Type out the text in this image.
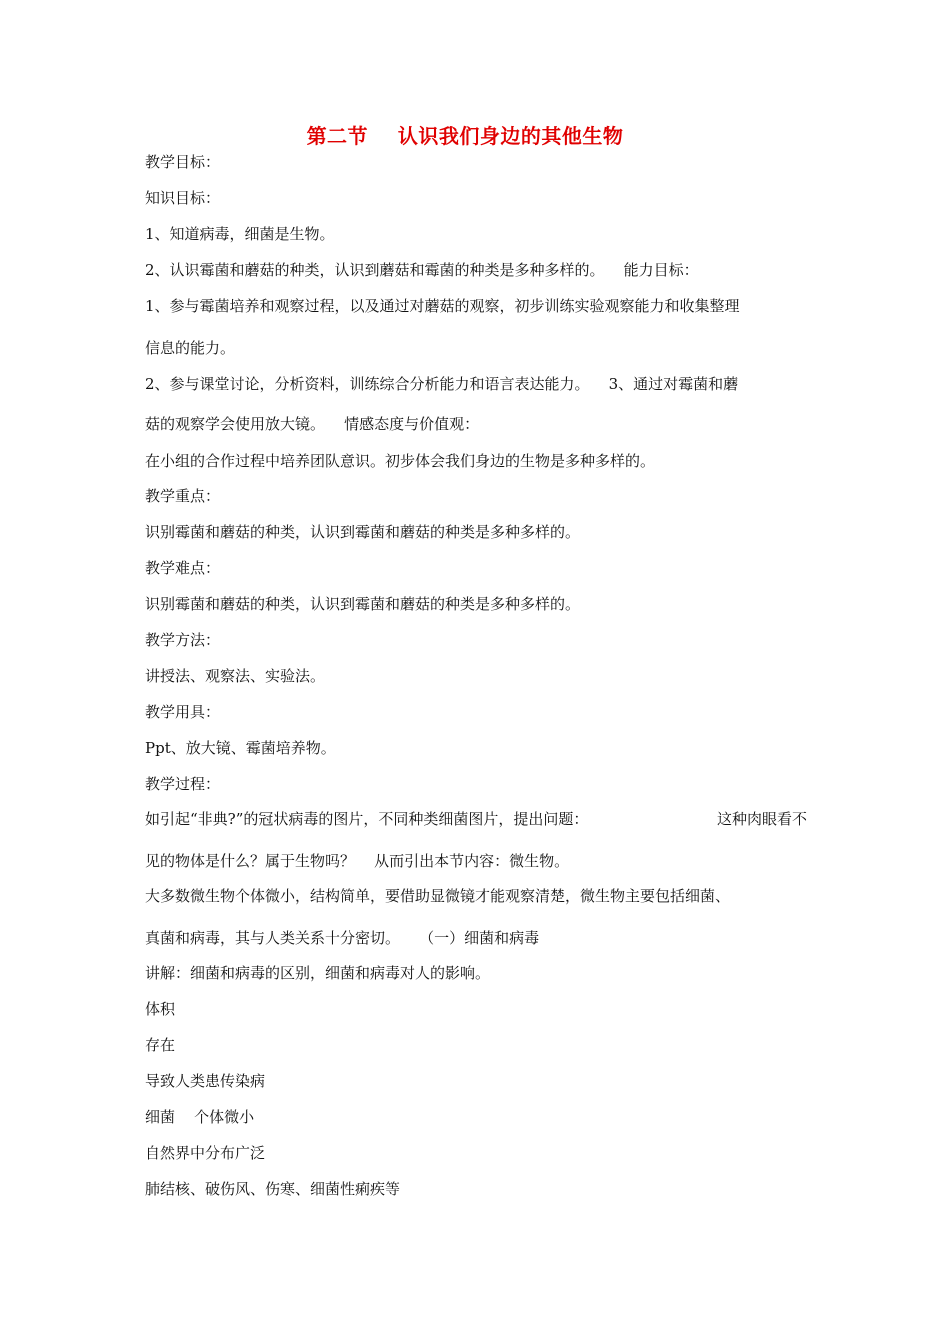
第二节    认识我们身边的其他生物
教学目标：
知识目标：
1、知道病毒，细菌是生物。
2、认识霉菌和蘑菇的种类，认识到蘑菇和霉菌的种类是多种多样的。    能力目标：
1、参与霉菌培养和观察过程，以及通过对蘑菇的观察，初步训练实验观察能力和收集整理
信息的能力。
2、参与课堂讨论，分析资料，训练综合分析能力和语言表达能力。    3、通过对霉菌和蘑
菇的观察学会使用放大镜。    情感态度与价值观：
在小组的合作过程中培养团队意识。初步体会我们身边的生物是多种多样的。
教学重点：
识别霉菌和蘑菇的种类，认识到霉菌和蘑菇的种类是多种多样的。
教学难点：
识别霉菌和蘑菇的种类，认识到霉菌和蘑菇的种类是多种多样的。
教学方法：
讲授法、观察法、实验法。
教学用具：
Ppt、放大镜、霉菌培养物。
教学过程：
如引起“非典?”的冠状病毒的图片，不同种类细菌图片，提出问题：	这种肉眼看不
见的物体是什么？属于生物吗？    从而引出本节内容：微生物。
大多数微生物个体微小，结构简单，要借助显微镜才能观察清楚，微生物主要包括细菌、
真菌和病毒，其与人类关系十分密切。    （一）细菌和病毒
讲解：细菌和病毒的区别，细菌和病毒对人的影响。
体积
存在
导致人类患传染病
细菌    个体微小
自然界中分布广泛
肺结核、破伤风、伤寒、细菌性痢疾等
